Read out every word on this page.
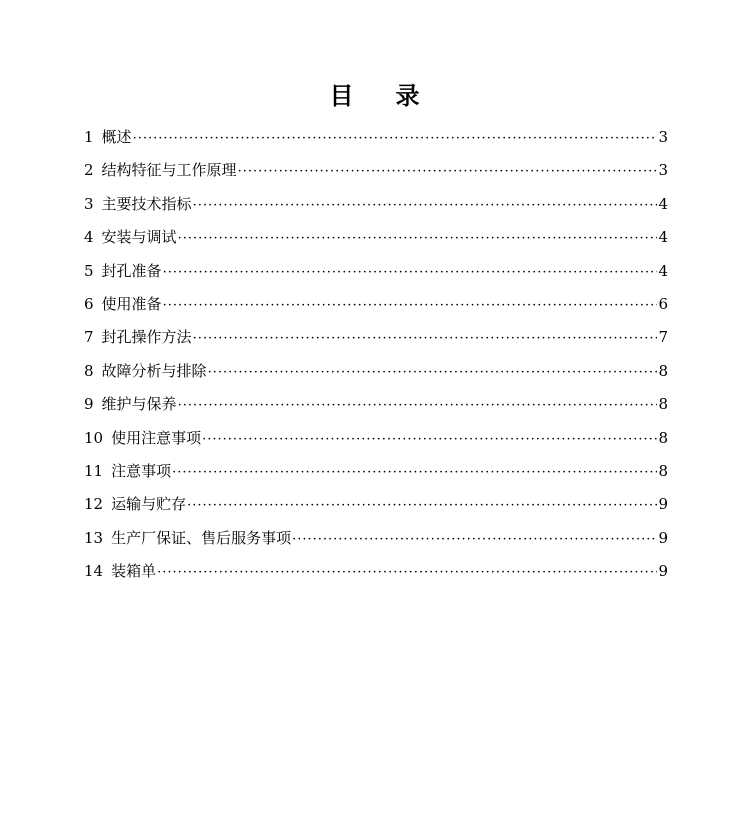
目录
1 概述 ·····	3
2 结构特征与工作原理 ·····	3
3 主要技术指标 ·····	4
4 安装与调试 ·····	4
5 封孔准备 ·····	4
6 使用准备 ·····	6
7 封孔操作方法 ·····	7
8 故障分析与排除 ·····	8
9 维护与保养 ·····	8
10 使用注意事项 ·····	8
11 注意事项 ·····	8
12 运输与贮存 ·····	9
13 生产厂保证、售后服务事项 ·····	9
14 装箱单 ·····	9
